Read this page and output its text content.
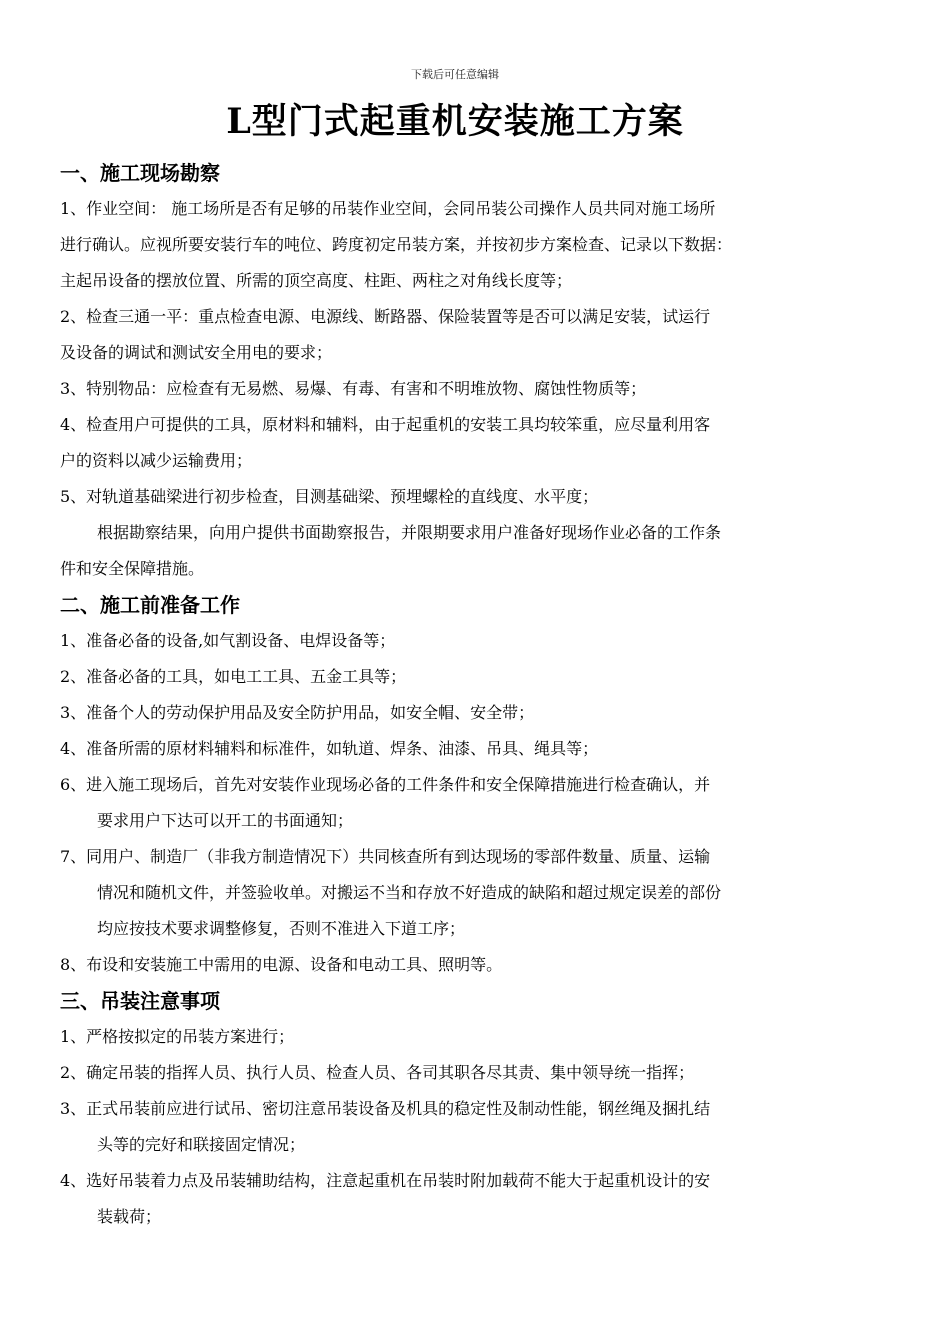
下载后可任意编辑
L型门式起重机安装施工方案
一、施工现场勘察
1、作业空间： 施工场所是否有足够的吊装作业空间，会同吊装公司操作人员共同对施工场所
进行确认。应视所要安装行车的吨位、跨度初定吊装方案，并按初步方案检查、记录以下数据：
主起吊设备的摆放位置、所需的顶空高度、柱距、两柱之对角线长度等；
2、检查三通一平：重点检查电源、电源线、断路器、保险装置等是否可以满足安装，试运行
及设备的调试和测试安全用电的要求；
3、特别物品：应检查有无易燃、易爆、有毒、有害和不明堆放物、腐蚀性物质等；
4、检查用户可提供的工具，原材料和辅料，由于起重机的安装工具均较笨重，应尽量利用客
户的资料以减少运输费用；
5、对轨道基础梁进行初步检查，目测基础梁、预埋螺栓的直线度、水平度；
根据勘察结果，向用户提供书面勘察报告，并限期要求用户准备好现场作业必备的工作条
件和安全保障措施。
二、施工前准备工作
1、准备必备的设备,如气割设备、电焊设备等；
2、准备必备的工具，如电工工具、五金工具等；
3、准备个人的劳动保护用品及安全防护用品，如安全帽、安全带；
4、准备所需的原材料辅料和标准件，如轨道、焊条、油漆、吊具、绳具等；
6、进入施工现场后，首先对安装作业现场必备的工件条件和安全保障措施进行检查确认，并
要求用户下达可以开工的书面通知；
7、同用户、制造厂（非我方制造情况下）共同核查所有到达现场的零部件数量、质量、运输
情况和随机文件，并签验收单。对搬运不当和存放不好造成的缺陷和超过规定误差的部份
均应按技术要求调整修复，否则不准进入下道工序；
8、布设和安装施工中需用的电源、设备和电动工具、照明等。
三、吊装注意事项
1、严格按拟定的吊装方案进行；
2、确定吊装的指挥人员、执行人员、检查人员、各司其职各尽其责、集中领导统一指挥；
3、正式吊装前应进行试吊、密切注意吊装设备及机具的稳定性及制动性能，钢丝绳及捆扎结
头等的完好和联接固定情况；
4、选好吊装着力点及吊装辅助结构，注意起重机在吊装时附加载荷不能大于起重机设计的安
装载荷；
